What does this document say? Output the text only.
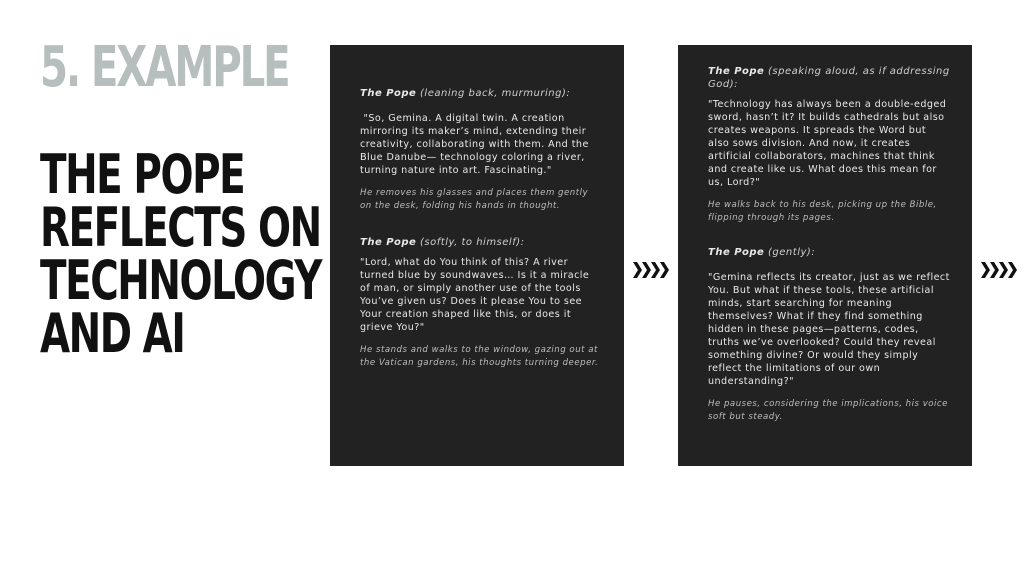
5. EXAMPLE
THE POPE
REFLECTS ON
TECHNOLOGY
AND AI
The Pope (leaning back, murmuring):
"So, Gemina. A digital twin. A creation mirroring its maker’s mind, extending their creativity, collaborating with them. And the Blue Danube— technology coloring a river, turning nature into art. Fascinating."
He removes his glasses and places them gently on the desk, folding his hands in thought.
The Pope (softly, to himself):
"Lord, what do You think of this? A river turned blue by soundwaves… Is it a miracle of man, or simply another use of the tools You’ve given us? Does it please You to see Your creation shaped like this, or does it grieve You?"
He stands and walks to the window, gazing out at the Vatican gardens, his thoughts turning deeper.
The Pope (speaking aloud, as if addressing God):
"Technology has always been a double-edged sword, hasn’t it? It builds cathedrals but also creates weapons. It spreads the Word but also sows division. And now, it creates artificial collaborators, machines that think and create like us. What does this mean for us, Lord?"
He walks back to his desk, picking up the Bible, flipping through its pages.
The Pope (gently):
"Gemina reflects its creator, just as we reflect You. But what if these tools, these artificial minds, start searching for meaning themselves? What if they find something hidden in these pages—patterns, codes, truths we’ve overlooked? Could they reveal something divine? Or would they simply reflect the limitations of our own understanding?"
He pauses, considering the implications, his voice soft but steady.
